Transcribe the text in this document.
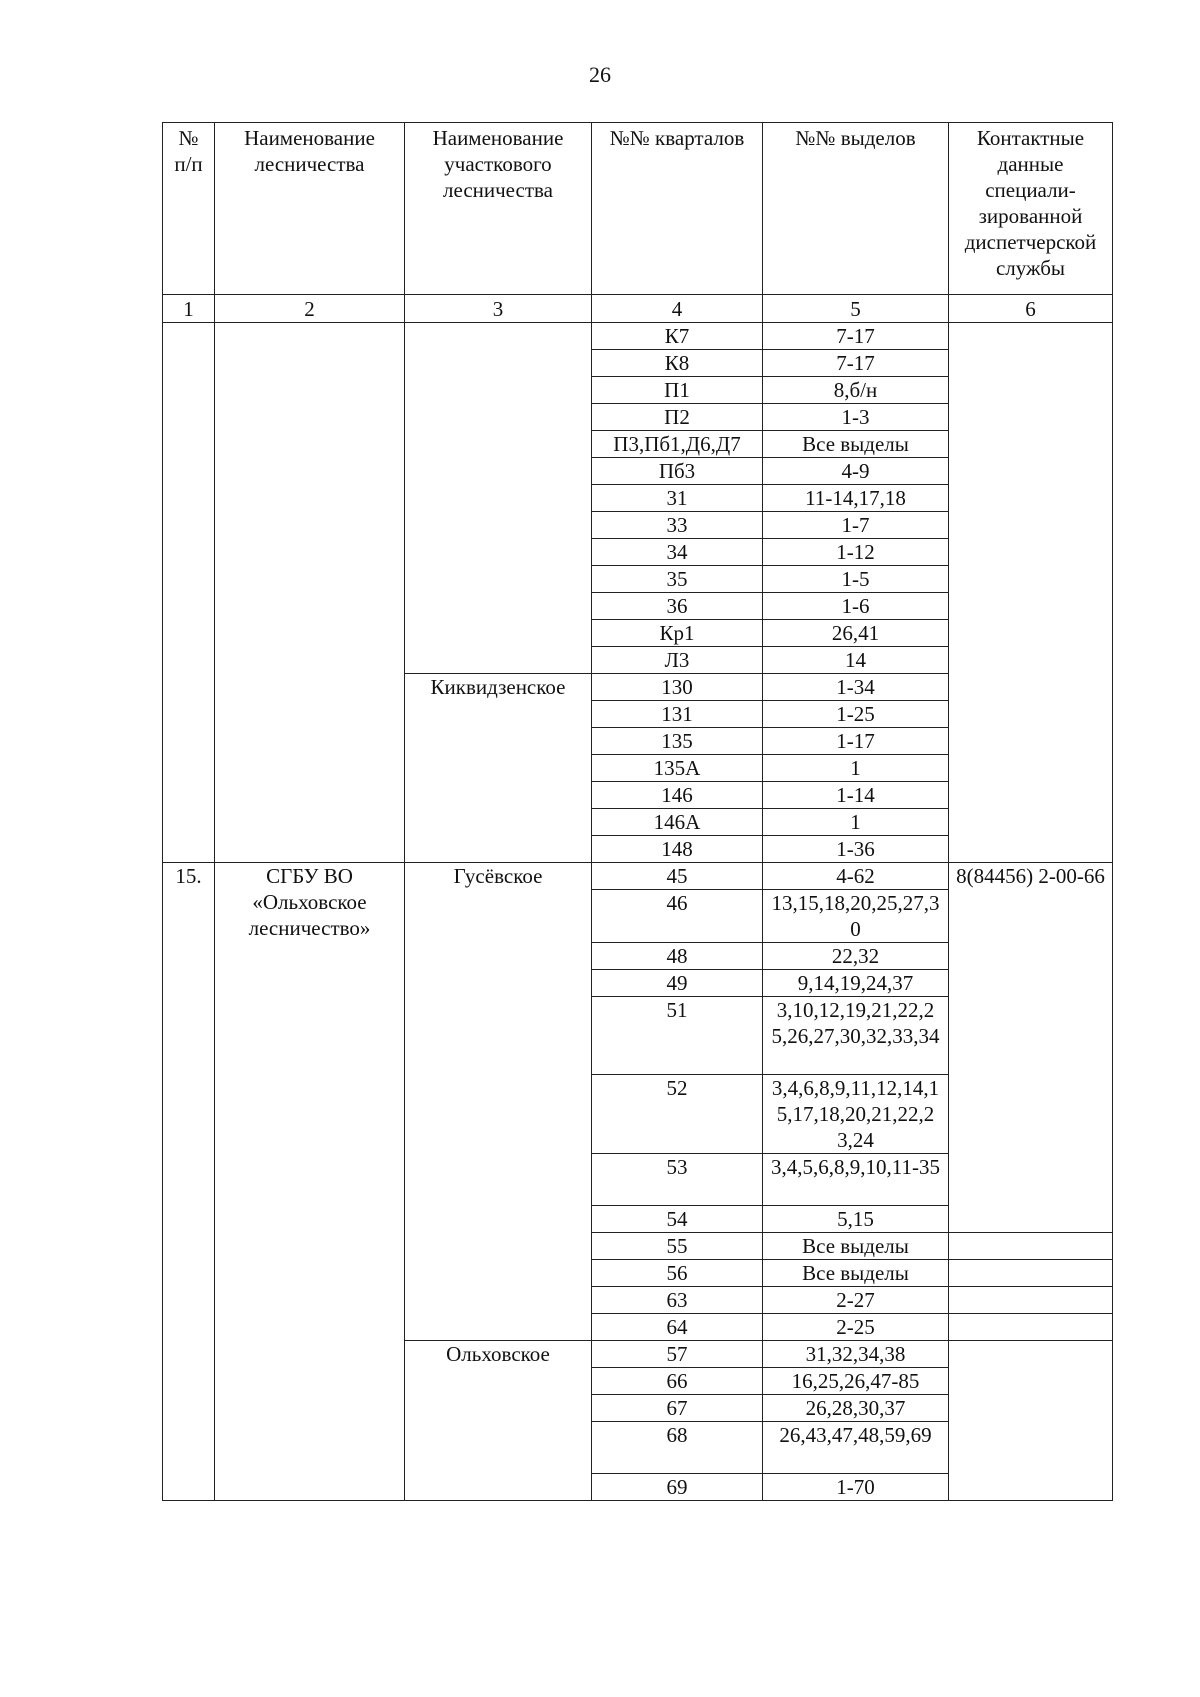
26
№
п/п	Наименование лесничества	Наименование участкового лесничества	№№ кварталов	№№ выделов	Контактные данные специали-зированной диспетчерской службы
1	2	3	4	5	6
			К7	7-17	
			К8	7-17	
			П1	8,б/н	
			П2	1-3	
			П3,Пб1,Д6,Д7	Все выделы	
			Пб3	4-9	
			31	11-14,17,18	
			33	1-7	
			34	1-12	
			35	1-5	
			36	1-6	
			Кр1	26,41	
			Л3	14	
		Киквидзенское	130	1-34	
			131	1-25	
			135	1-17	
			135А	1	
			146	1-14	
			146А	1	
			148	1-36	
15.	СГБУ ВО «Ольховское лесничество»	Гусёвское	45	4-62	8(84456) 2-00-66
			46	13,15,18,20,25,27,30	
			48	22,32	
			49	9,14,19,24,37	
			51	3,10,12,19,21,22,25,26,27,30,32,33,34	
			52	3,4,6,8,9,11,12,14,15,17,18,20,21,22,23,24	
			53	3,4,5,6,8,9,10,11-35	
			54	5,15	
			55	Все выделы	
			56	Все выделы	
			63	2-27	
			64	2-25	
		Ольховское	57	31,32,34,38	
			66	16,25,26,47-85	
			67	26,28,30,37	
			68	26,43,47,48,59,69	
			69	1-70	
